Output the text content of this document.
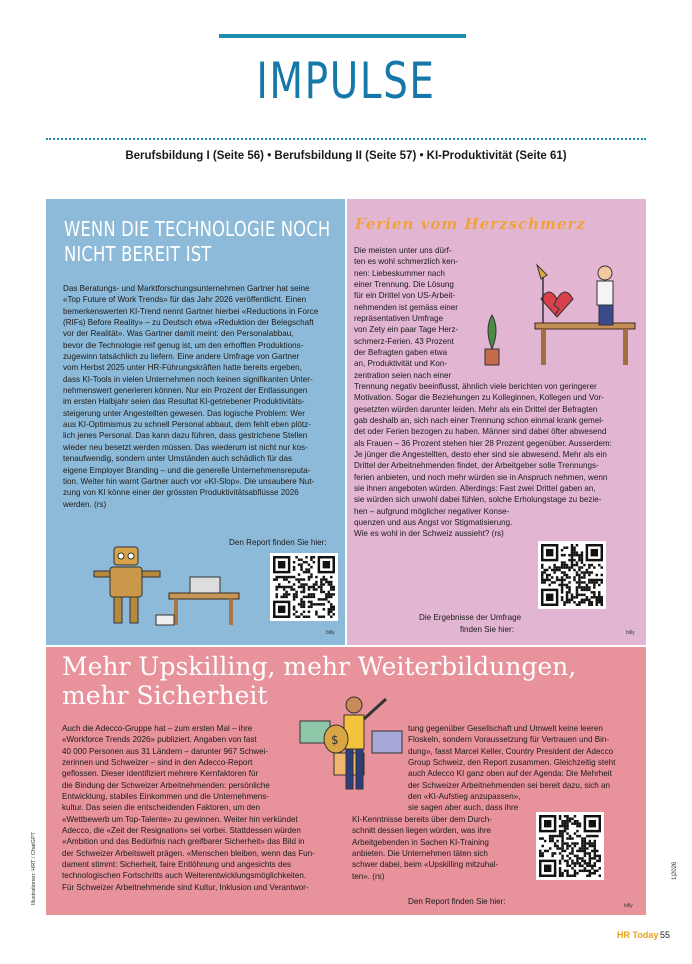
IMPULSE
Berufsbildung I (Seite 56) • Berufsbildung II (Seite 57) • KI-Produktivität (Seite 61)
WENN DIE TECHNOLOGIE NOCH
NICHT BEREIT IST
Das Beratungs- und Marktforschungsunternehmen Gartner hat seine
«Top Future of Work Trends» für das Jahr 2026 veröffentlicht. Einen
bemerkenswerten KI-Trend nennt Gartner hierbei «Reductions in Force
(RIFs) Before Reality» – zu Deutsch etwa «Reduktion der Belegschaft
vor der Realität». Was Gartner damit meint: den Personalabbau,
bevor die Technologie reif genug ist, um den erhofften Produktions-
zugewinn tatsächlich zu liefern. Eine andere Umfrage von Gartner
vom Herbst 2025 unter HR-Führungskräften hatte bereits ergeben,
dass KI-Tools in vielen Unternehmen noch keinen signifikanten Unter-
nehmenswert generieren können. Nur ein Prozent der Entlassungen
im ersten Halbjahr seien das Resultat KI-getriebener Produktivitäts-
steigerung unter Angestellten gewesen. Das logische Problem: Wer
aus KI-Optimismus zu schnell Personal abbaut, dem fehlt eben plötz-
lich jenes Personal. Das kann dazu führen, dass gestrichene Stellen
wieder neu besetzt werden müssen. Das wiederum ist nicht nur kos-
tenaufwendig, sondern unter Umständen auch schädlich für das
eigene Employer Branding – und die generelle Unternehmensreputa-
tion. Weiter hin warnt Gartner auch vor «KI-Slop». Die unsaubere Nut-
zung von KI könne einer der grössten Produktivitätsabflüsse 2026
werden. (rs)
Den Report finden Sie hier:
Ferien vom Herzschmerz
Die meisten unter uns dürf-
ten es wohl schmerzlich ken-
nen: Liebeskummer nach
einer Trennung. Die Lösung
für ein Drittel von US-Arbeit-
nehmenden ist gemäss einer
repräsentativen Umfrage
von Zety ein paar Tage Herz-
schmerz-Ferien. 43 Prozent
der Befragten gaben etwa
an, Produktivität und Kon-
zentration seien nach einer
Trennung negativ beeinflusst, ähnlich viele berichten von geringerer
Motivation. Sogar die Beziehungen zu Kolleginnen, Kollegen und Vor-
gesetzten würden darunter leiden. Mehr als ein Drittel der Befragten
gab deshalb an, sich nach einer Trennung schon einmal krank gemel-
det oder Ferien bezogen zu haben. Männer sind dabei öfter abwesend
als Frauen – 36 Prozent stehen hier 28 Prozent gegenüber. Ausserdem:
Je jünger die Angestellten, desto eher sind sie abwesend. Mehr als ein
Drittel der Arbeitnehmenden findet, der Arbeitgeber solle Trennungs-
ferien anbieten, und noch mehr würden sie in Anspruch nehmen, wenn
sie ihnen angeboten würden. Allerdings: Fast zwei Drittel gaben an,
sie würden sich unwohl dabei fühlen, solche Erholungstage zu bezie-
hen – aufgrund möglicher negativer Konse-
quenzen und aus Angst vor Stigmatisierung.
Wie es wohl in der Schweiz aussieht? (rs)
Die Ergebnisse der Umfrage
finden Sie hier:
Mehr Upskilling, mehr Weiterbildungen,
mehr Sicherheit
Auch die Adecco-Gruppe hat – zum ersten Mal – ihre
«Workforce Trends 2026» publiziert. Angaben von fast
40 000 Personen aus 31 Ländern – darunter 967 Schwei-
zerinnen und Schweizer – sind in den Adecco-Report
geflossen. Dieser identifiziert mehrere Kernfaktoren für
die Bindung der Schweizer Arbeitnehmenden: persönliche
Entwicklung, stabiles Einkommen und die Unternehmens-
kultur. Das seien die entscheidenden Faktoren, um den
«Wettbewerb um Top-Talente» zu gewinnen. Weiter hin verkündet
Adecco, die «Zeit der Resignation» sei vorbei. Stattdessen würden
«Ambition und das Bedürfnis nach greifbarer Sicherheit» das Bild in
der Schweizer Arbeitswelt prägen. «Menschen bleiben, wenn das Fun-
dament stimmt: Sicherheit, faire Entlöhnung und angesichts des
technologischen Fortschritts auch Weiterentwicklungsmöglichkeiten.
Für Schweizer Arbeitnehmende sind Kultur, Inklusion und Verantwor-
tung gegenüber Gesellschaft und Umwelt keine leeren
Floskeln, sondern Voraussetzung für Vertrauen und Bin-
dung», fasst Marcel Keller, Country President der Adecco
Group Schweiz, den Report zusammen. Gleichzeitig steht
auch Adecco KI ganz oben auf der Agenda: Die Mehrheit
der Schweizer Arbeitnehmenden sei bereit dazu, sich an
den «KI-Aufstieg anzupassen»,
sie sagen aber auch, dass ihre
KI-Kenntnisse bereits über dem Durch-
schnitt dessen liegen würden, was ihre
Arbeitgebenden in Sachen KI-Training
anbieten. Die Unternehmen täten sich
schwer dabei, beim «Upskilling mitzuhal-
ten». (rs)
Den Report finden Sie hier:
$
HR Today 55
1|2026
Illustrationen: HRT / ChatGPT
billy	billy
billy
